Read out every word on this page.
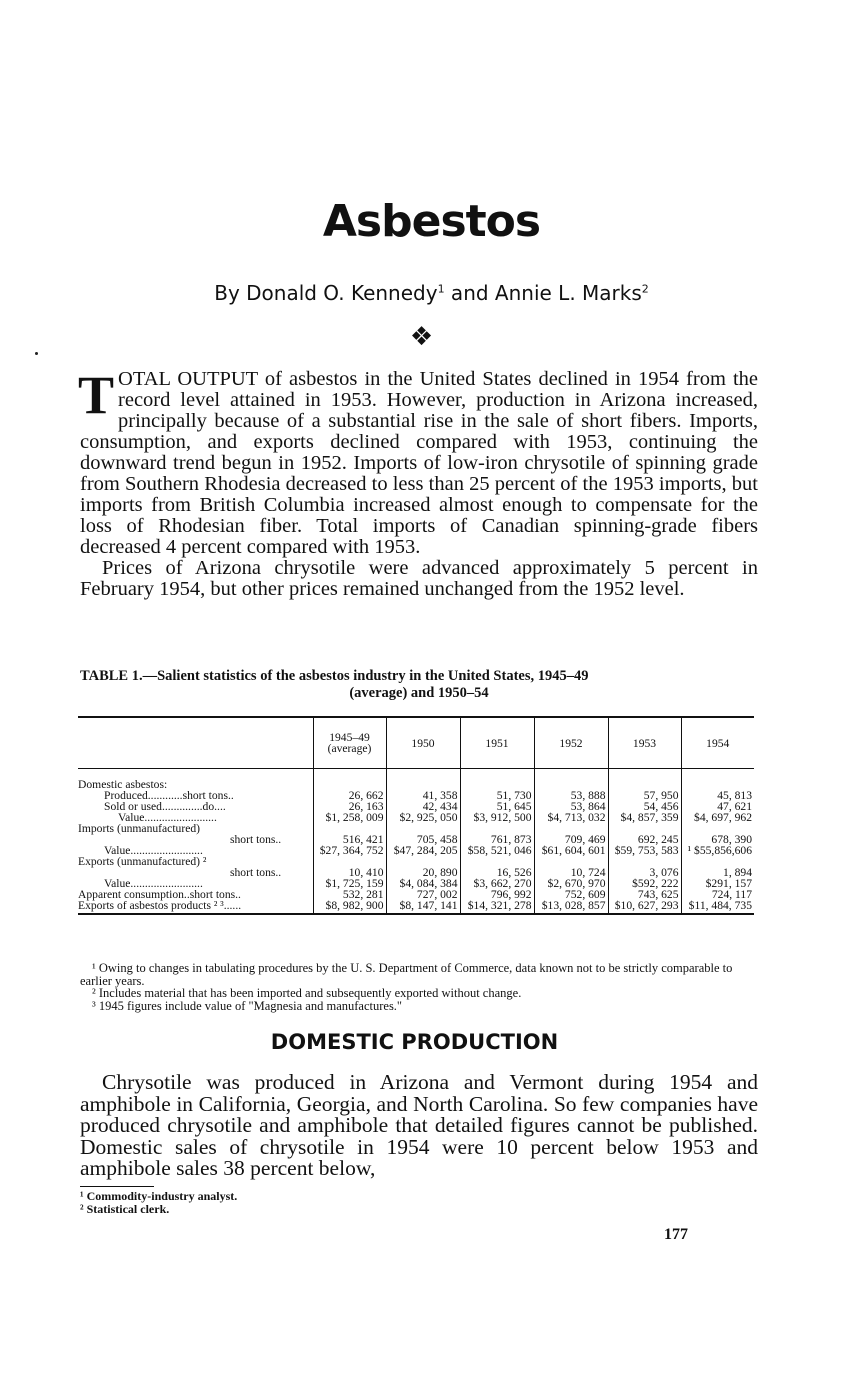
Asbestos
By Donald O. Kennedy$^1$ and Annie L. Marks$^2$
❖

TOTAL OUTPUT of asbestos in the United States declined in 1954 from the record level attained in 1953. However, production in Arizona increased, principally because of a substantial rise in the sale of short fibers. Imports, consumption, and exports declined compared with 1953, continuing the downward trend begun in 1952. Imports of low-iron chrysotile of spinning grade from Southern Rhodesia decreased to less than 25 percent of the 1953 imports, but imports from British Columbia increased almost enough to compensate for the loss of Rhodesian fiber. Total imports of Canadian spinning-grade fibers decreased 4 percent compared with 1953.

Prices of Arizona chrysotile were advanced approximately 5 percent in February 1954, but other prices remained unchanged from the 1952 level.

TABLE 1.—Salient statistics of the asbestos industry in the United States, 1945–49
(average) and 1950–54
	1945–49 (average)	1950	1951	1952	1953	1954
Domestic asbestos:						
Produced............short tons..	26, 662	41, 358	51, 730	53, 888	57, 950	45, 813
Sold or used..............do....	26, 163	42, 434	51, 645	53, 864	54, 456	47, 621
Value.........................	$1, 258, 009	$2, 925, 050	$3, 912, 500	$4, 713, 032	$4, 857, 359	$4, 697, 962
Imports (unmanufactured)						
short tons..	516, 421	705, 458	761, 873	709, 469	692, 245	678, 390
Value.........................	$27, 364, 752	$47, 284, 205	$58, 521, 046	$61, 604, 601	$59, 753, 583	¹ $55,856,606
Exports (unmanufactured) ²						
short tons..	10, 410	20, 890	16, 526	10, 724	3, 076	1, 894
Value.........................	$1, 725, 159	$4, 084, 384	$3, 662, 270	$2, 670, 970	$592, 222	$291, 157
Apparent consumption..short tons..	532, 281	727, 002	796, 992	752, 609	743, 625	724, 117
Exports of asbestos products ² ³......	$8, 982, 900	$8, 147, 141	$14, 321, 278	$13, 028, 857	$10, 627, 293	$11, 484, 735
¹ Owing to changes in tabulating procedures by the U. S. Department of Commerce, data known not to be strictly comparable to earlier years.
² Includes material that has been imported and subsequently exported without change.
³ 1945 figures include value of "Magnesia and manufactures."
DOMESTIC PRODUCTION
Chrysotile was produced in Arizona and Vermont during 1954 and amphibole in California, Georgia, and North Carolina. So few companies have produced chrysotile and amphibole that detailed figures cannot be published. Domestic sales of chrysotile in 1954 were 10 percent below 1953 and amphibole sales 38 percent below,
¹ Commodity-industry analyst.
² Statistical clerk.
177
